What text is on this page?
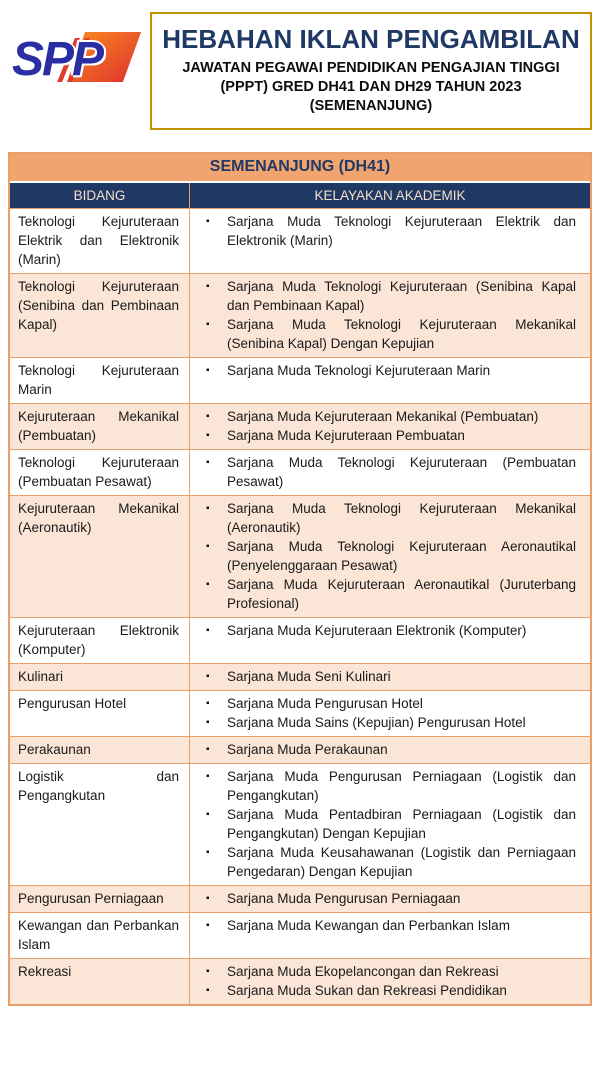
SPP HEBAHAN IKLAN PENGAMBILAN
JAWATAN PEGAWAI PENDIDIKAN PENGAJIAN TINGGI
(PPPT) GRED DH41 DAN DH29 TAHUN 2023 (SEMENANJUNG)
SEMENANJUNG (DH41)
BIDANG	KELAYAKAN AKADEMIK
Teknologi Kejuruteraan Elektrik dan Elektronik (Marin)
▪	Sarjana Muda Teknologi Kejuruteraan Elektrik dan Elektronik (Marin)
Teknologi Kejuruteraan (Senibina dan Pembinaan Kapal)
▪	Sarjana Muda Teknologi Kejuruteraan (Senibina Kapal dan Pembinaan Kapal)
▪	Sarjana Muda Teknologi Kejuruteraan Mekanikal (Senibina Kapal) Dengan Kepujian
Teknologi Kejuruteraan Marin
▪	Sarjana Muda Teknologi Kejuruteraan Marin
Kejuruteraan Mekanikal (Pembuatan)
▪	Sarjana Muda Kejuruteraan Mekanikal (Pembuatan)
▪	Sarjana Muda Kejuruteraan Pembuatan
Teknologi Kejuruteraan (Pembuatan Pesawat)
▪	Sarjana Muda Teknologi Kejuruteraan (Pembuatan Pesawat)
Kejuruteraan Mekanikal (Aeronautik)
▪	Sarjana Muda Teknologi Kejuruteraan Mekanikal (Aeronautik)
▪	Sarjana Muda Teknologi Kejuruteraan Aeronautikal (Penyelenggaraan Pesawat)
▪	Sarjana Muda Kejuruteraan Aeronautikal (Juruterbang Profesional)
Kejuruteraan Elektronik (Komputer)
▪	Sarjana Muda Kejuruteraan Elektronik (Komputer)
Kulinari	▪	Sarjana Muda Seni Kulinari
Pengurusan Hotel	▪	Sarjana Muda Pengurusan Hotel
▪	Sarjana Muda Sains (Kepujian) Pengurusan Hotel
Perakaunan	▪	Sarjana Muda Perakaunan
Logistik dan Pengangkutan
▪	Sarjana Muda Pengurusan Perniagaan (Logistik dan Pengangkutan)
▪	Sarjana Muda Pentadbiran Perniagaan (Logistik dan Pengangkutan) Dengan Kepujian
▪	Sarjana Muda Keusahawanan (Logistik dan Perniagaan Pengedaran) Dengan Kepujian
Pengurusan Perniagaan	▪	Sarjana Muda Pengurusan Perniagaan
Kewangan dan Perbankan Islam
▪	Sarjana Muda Kewangan dan Perbankan Islam
Rekreasi	▪	Sarjana Muda Ekopelancongan dan Rekreasi
▪	Sarjana Muda Sukan dan Rekreasi Pendidikan
